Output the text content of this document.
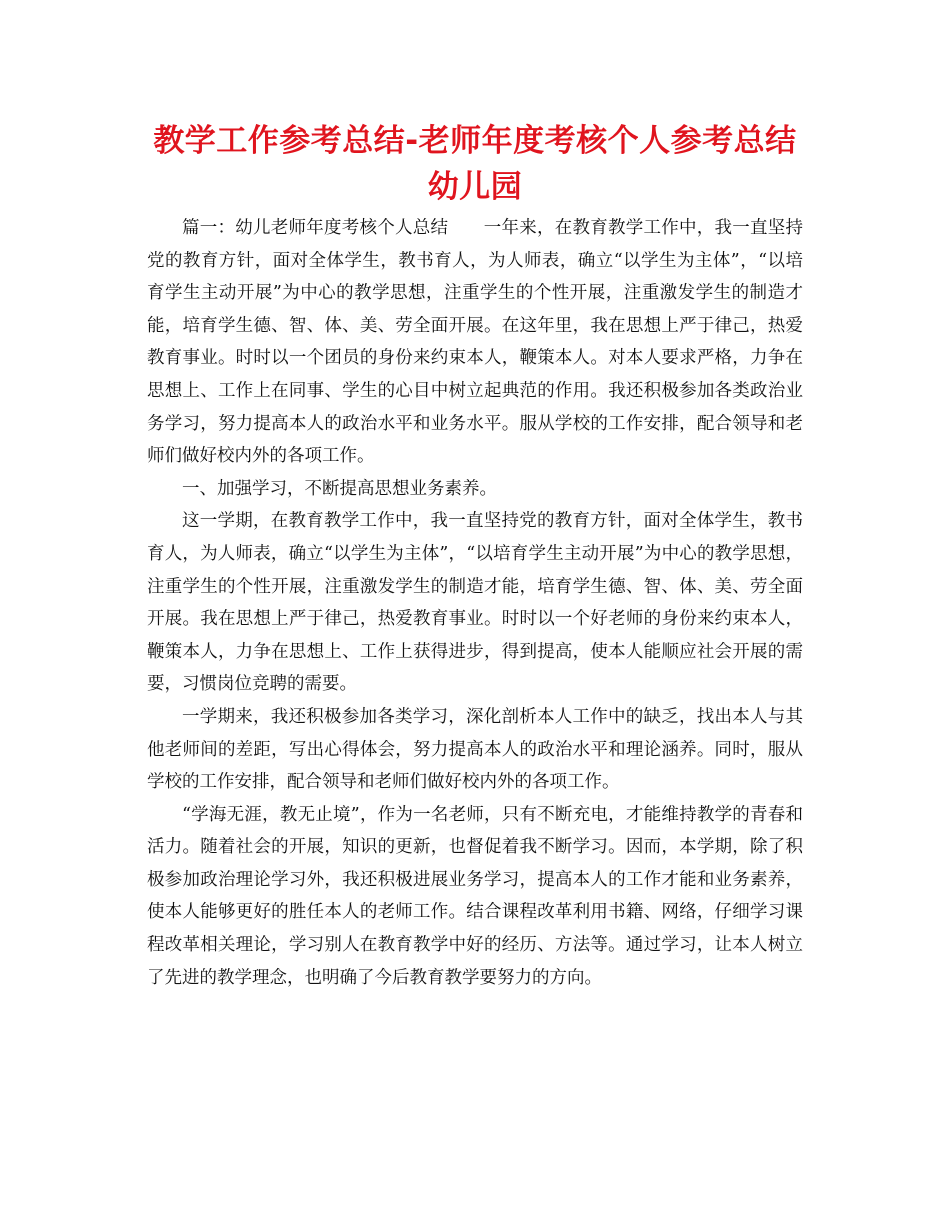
教学工作参考总结-老师年度考核个人参考总结幼儿园

篇一：幼儿老师年度考核个人总结　　一年来，在教育教学工作中，我一直坚持党的教育方针，面对全体学生，教书育人，为人师表，确立“以学生为主体”，“以培育学生主动开展”为中心的教学思想，注重学生的个性开展，注重激发学生的制造才能，培育学生德、智、体、美、劳全面开展。在这年里，我在思想上严于律己，热爱教育事业。时时以一个团员的身份来约束本人，鞭策本人。对本人要求严格，力争在思想上、工作上在同事、学生的心目中树立起典范的作用。我还积极参加各类政治业务学习，努力提高本人的政治水平和业务水平。服从学校的工作安排，配合领导和老师们做好校内外的各项工作。

一、加强学习，不断提高思想业务素养。

这一学期，在教育教学工作中，我一直坚持党的教育方针，面对全体学生，教书育人，为人师表，确立“以学生为主体”，“以培育学生主动开展”为中心的教学思想，注重学生的个性开展，注重激发学生的制造才能，培育学生德、智、体、美、劳全面开展。我在思想上严于律己，热爱教育事业。时时以一个好老师的身份来约束本人，鞭策本人，力争在思想上、工作上获得进步，得到提高，使本人能顺应社会开展的需要，习惯岗位竞聘的需要。

一学期来，我还积极参加各类学习，深化剖析本人工作中的缺乏，找出本人与其他老师间的差距，写出心得体会，努力提高本人的政治水平和理论涵养。同时，服从学校的工作安排，配合领导和老师们做好校内外的各项工作。

“学海无涯，教无止境”，作为一名老师，只有不断充电，才能维持教学的青春和活力。随着社会的开展，知识的更新，也督促着我不断学习。因而，本学期，除了积极参加政治理论学习外，我还积极进展业务学习，提高本人的工作才能和业务素养，使本人能够更好的胜任本人的老师工作。结合课程改革利用书籍、网络，仔细学习课程改革相关理论，学习别人在教育教学中好的经历、方法等。通过学习，让本人树立了先进的教学理念，也明确了今后教育教学要努力的方向。
